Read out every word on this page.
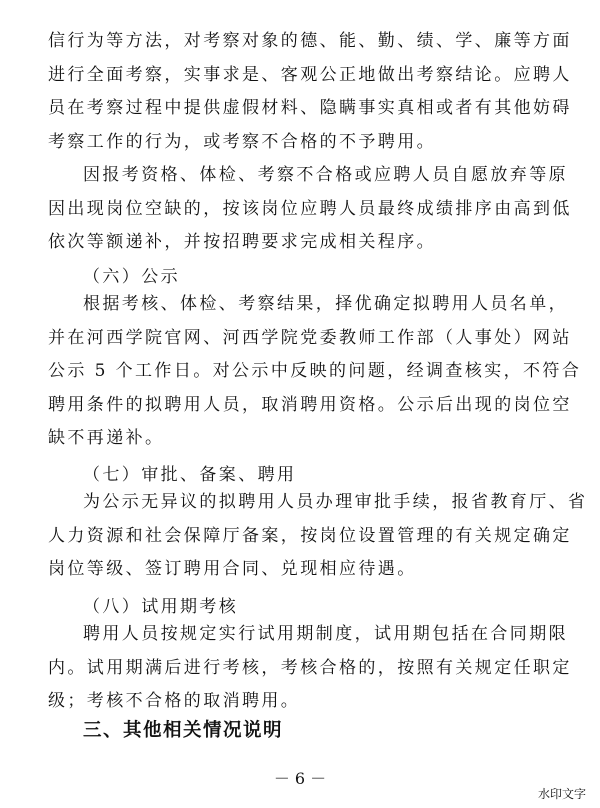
信行为等方法，对考察对象的德、能、勤、绩、学、廉等方面
进行全面考察，实事求是、客观公正地做出考察结论。应聘人
员在考察过程中提供虚假材料、隐瞒事实真相或者有其他妨碍
考察工作的行为，或考察不合格的不予聘用。
因报考资格、体检、考察不合格或应聘人员自愿放弃等原
因出现岗位空缺的，按该岗位应聘人员最终成绩排序由高到低
依次等额递补，并按招聘要求完成相关程序。

（六）公示

根据考核、体检、考察结果，择优确定拟聘用人员名单，
并在河西学院官网、河西学院党委教师工作部（人事处）网站
公示 5 个工作日。对公示中反映的问题，经调查核实，不符合
聘用条件的拟聘用人员，取消聘用资格。公示后出现的岗位空
缺不再递补。

（七）审批、备案、聘用

为公示无异议的拟聘用人员办理审批手续，报省教育厅、省
人力资源和社会保障厅备案，按岗位设置管理的有关规定确定
岗位等级、签订聘用合同、兑现相应待遇。

（八）试用期考核

聘用人员按规定实行试用期制度，试用期包括在合同期限
内。试用期满后进行考核，考核合格的，按照有关规定任职定
级；考核不合格的取消聘用。

三、其他相关情况说明

－ 6 －
水印文字
